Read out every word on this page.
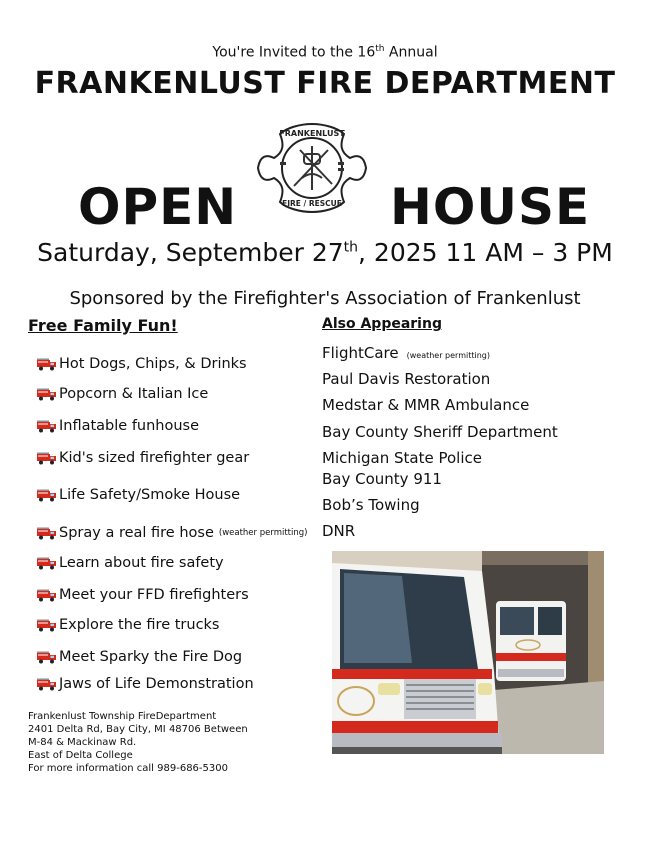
You're Invited to the 16th Annual
FRANKENLUST FIRE DEPARTMENT
OPEN	HOUSE
FRANKENLUST
FIRE / RESCUE
Saturday, September 27th, 2025 11 AM – 3 PM
Sponsored by the Firefighter's Association of Frankenlust
Free Family Fun!
Hot Dogs, Chips, & Drinks
Popcorn & Italian Ice
Inflatable funhouse
Kid's sized firefighter gear
Life Safety/Smoke House
Spray a real fire hose (weather permitting)
Learn about fire safety
Meet your FFD firefighters
Explore the fire trucks
Meet Sparky the Fire Dog
Jaws of Life Demonstration
Frankenlust Township FireDepartment
2401 Delta Rd, Bay City, MI 48706 Between
M-84 & Mackinaw Rd.
East of Delta College
For more information call 989-686-5300
Also Appearing
FlightCare (weather permitting)
Paul Davis Restoration
Medstar & MMR Ambulance
Bay County Sheriff Department
Michigan State Police
Bay County 911
Bob’s Towing
DNR
